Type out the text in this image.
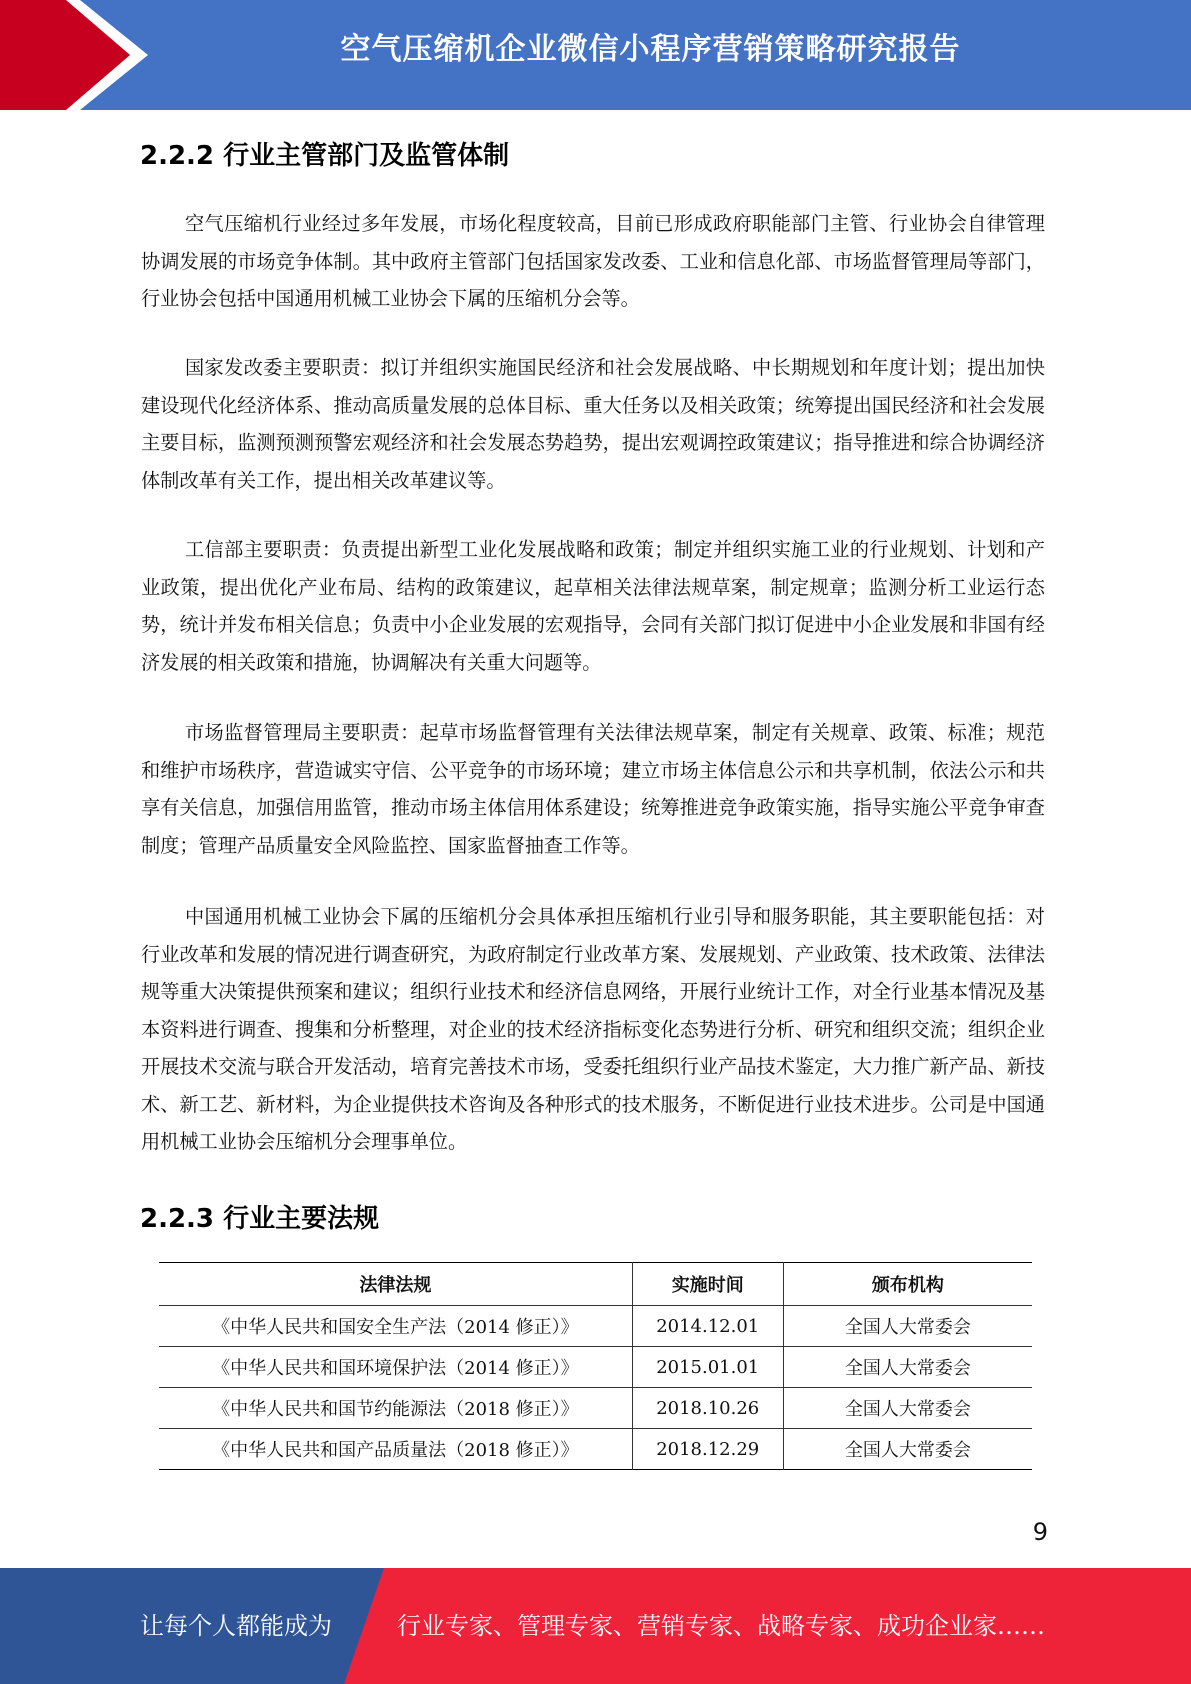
空气压缩机企业微信小程序营销策略研究报告
2.2.2 行业主管部门及监管体制

空气压缩机行业经过多年发展，市场化程度较高，目前已形成政府职能部门主管、行业协会自律管理协调发展的市场竞争体制。其中政府主管部门包括国家发改委、工业和信息化部、市场监督管理局等部门，行业协会包括中国通用机械工业协会下属的压缩机分会等。

国家发改委主要职责：拟订并组织实施国民经济和社会发展战略、中长期规划和年度计划；提出加快建设现代化经济体系、推动高质量发展的总体目标、重大任务以及相关政策；统筹提出国民经济和社会发展主要目标，监测预测预警宏观经济和社会发展态势趋势，提出宏观调控政策建议；指导推进和综合协调经济体制改革有关工作，提出相关改革建议等。

工信部主要职责：负责提出新型工业化发展战略和政策；制定并组织实施工业的行业规划、计划和产业政策，提出优化产业布局、结构的政策建议，起草相关法律法规草案，制定规章；监测分析工业运行态势，统计并发布相关信息；负责中小企业发展的宏观指导，会同有关部门拟订促进中小企业发展和非国有经济发展的相关政策和措施，协调解决有关重大问题等。

市场监督管理局主要职责：起草市场监督管理有关法律法规草案，制定有关规章、政策、标准；规范和维护市场秩序，营造诚实守信、公平竞争的市场环境；建立市场主体信息公示和共享机制，依法公示和共享有关信息，加强信用监管，推动市场主体信用体系建设；统筹推进竞争政策实施，指导实施公平竞争审查制度；管理产品质量安全风险监控、国家监督抽查工作等。

中国通用机械工业协会下属的压缩机分会具体承担压缩机行业引导和服务职能，其主要职能包括：对行业改革和发展的情况进行调查研究，为政府制定行业改革方案、发展规划、产业政策、技术政策、法律法规等重大决策提供预案和建议；组织行业技术和经济信息网络，开展行业统计工作，对全行业基本情况及基本资料进行调查、搜集和分析整理，对企业的技术经济指标变化态势进行分析、研究和组织交流；组织企业开展技术交流与联合开发活动，培育完善技术市场，受委托组织行业产品技术鉴定，大力推广新产品、新技术、新工艺、新材料，为企业提供技术咨询及各种形式的技术服务，不断促进行业技术进步。公司是中国通用机械工业协会压缩机分会理事单位。

2.2.3 行业主要法规
法律法规	实施时间	颁布机构
《中华人民共和国安全生产法（2014 修正）》	2014.12.01	全国人大常委会
《中华人民共和国环境保护法（2014 修正）》	2015.01.01	全国人大常委会
《中华人民共和国节约能源法（2018 修正）》	2018.10.26	全国人大常委会
《中华人民共和国产品质量法（2018 修正）》	2018.12.29	全国人大常委会
9
让每个人都能成为	行业专家、管理专家、营销专家、战略专家、成功企业家……
